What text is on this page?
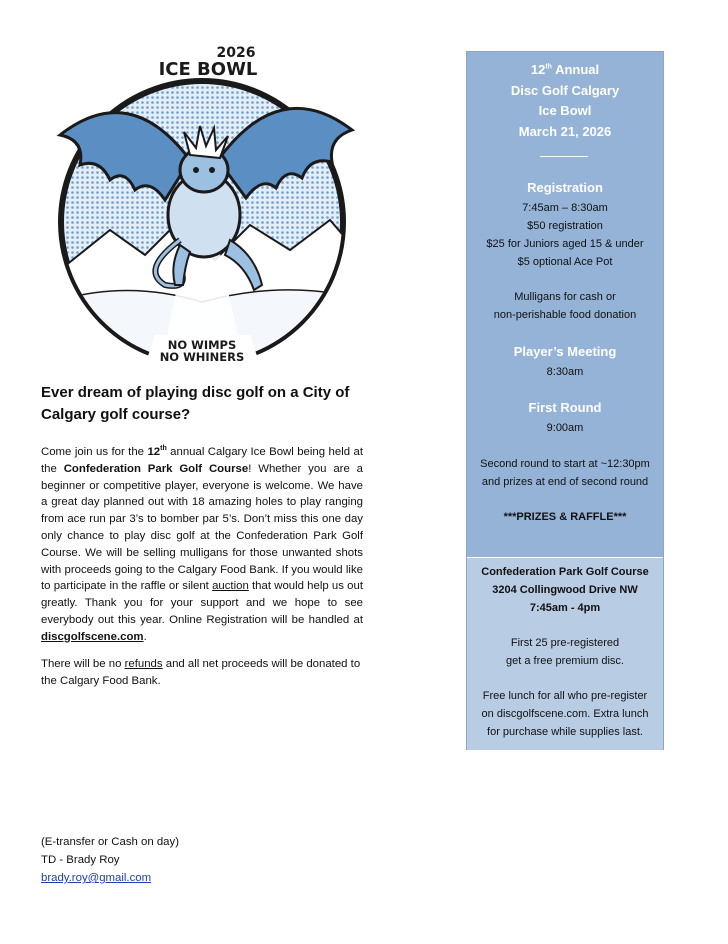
2026
ICE BOWL
NO WIMPS
NO WHINERS

Ever dream of playing disc golf on a City of Calgary golf course?

Come join us for the 12th annual Calgary Ice Bowl being held at the Confederation Park Golf Course! Whether you are a beginner or competitive player, everyone is welcome. We have a great day planned out with 18 amazing holes to play ranging from ace run par 3’s to bomber par 5’s. Don’t miss this one day only chance to play disc golf at the Confederation Park Golf Course. We will be selling mulligans for those unwanted shots with proceeds going to the Calgary Food Bank. If you would like to participate in the raffle or silent auction that would help us out greatly. Thank you for your support and we hope to see everybody out this year. Online Registration will be handled at discgolfscene.com.

There will be no refunds and all net proceeds will be donated to the Calgary Food Bank.

(E-transfer or Cash on day)
TD - Brady Roy
brady.roy@gmail.com
12th Annual
Disc Golf Calgary
Ice Bowl
March 21, 2026
Registration
7:45am – 8:30am
$50 registration
$25 for Juniors aged 15 & under
$5 optional Ace Pot
Mulligans for cash or
non-perishable food donation
Player’s Meeting
8:30am
First Round
9:00am
Second round to start at ~12:30pm
and prizes at end of second round
***PRIZES & RAFFLE***
Confederation Park Golf Course
3204 Collingwood Drive NW
7:45am - 4pm
First 25 pre-registered
get a free premium disc.
Free lunch for all who pre-register
on discgolfscene.com. Extra lunch
for purchase while supplies last.
